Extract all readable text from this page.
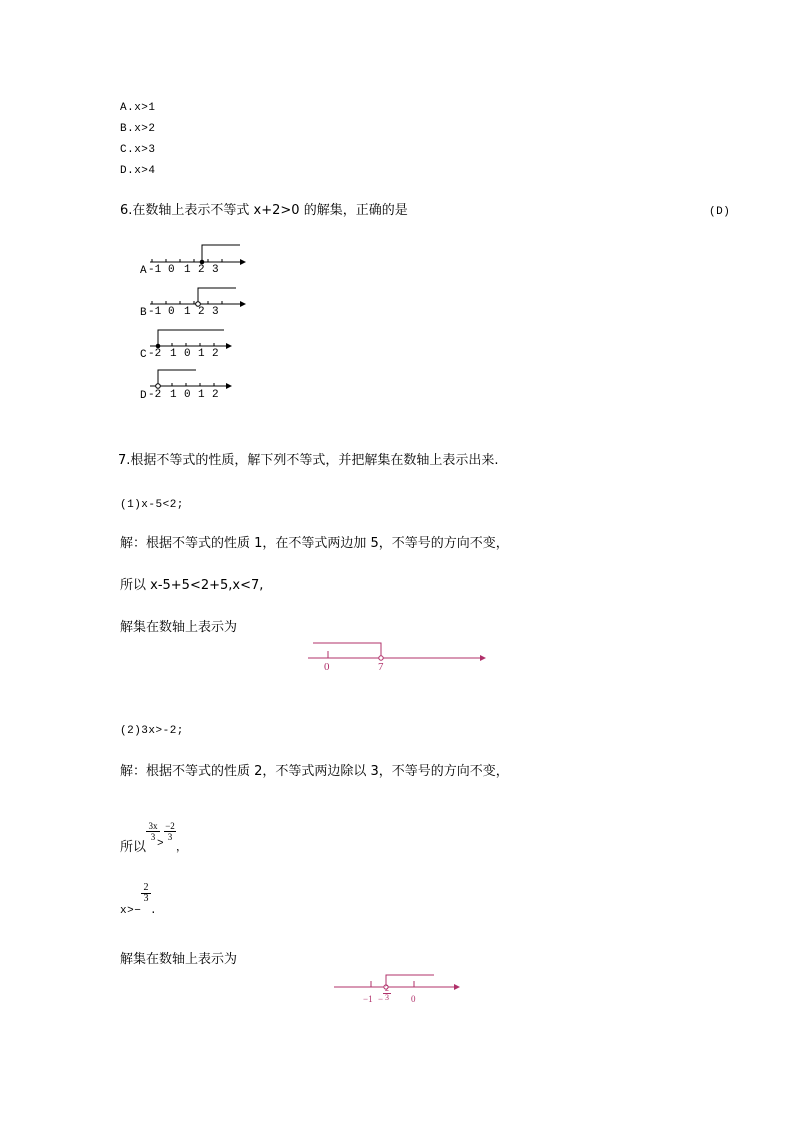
A.x>1
B.x>2
C.x>3
D.x>4
6.在数轴上表示不等式 x+2>0 的解集，正确的是	(D)
A -1 0 1 2 3
B -1 0 1 2 3
C -2 1 0 1 2
D -2 1 0 1 2
7.根据不等式的性质，解下列不等式，并把解集在数轴上表示出来.
(1)x-5<2;
解：根据不等式的性质 1，在不等式两边加 5，不等号的方向不变，
所以 x-5+5<2+5,x<7,
解集在数轴上表示为
0	7
(2)3x>-2;
解：根据不等式的性质 2，不等式两边除以 3，不等号的方向不变，
所以
$\frac{3x}{3}$
>
$\frac{-2}{3}$
，
x>−
$\frac{2}{3}$
.
解集在数轴上表示为
$-1 - \frac{2}{3} 0$
